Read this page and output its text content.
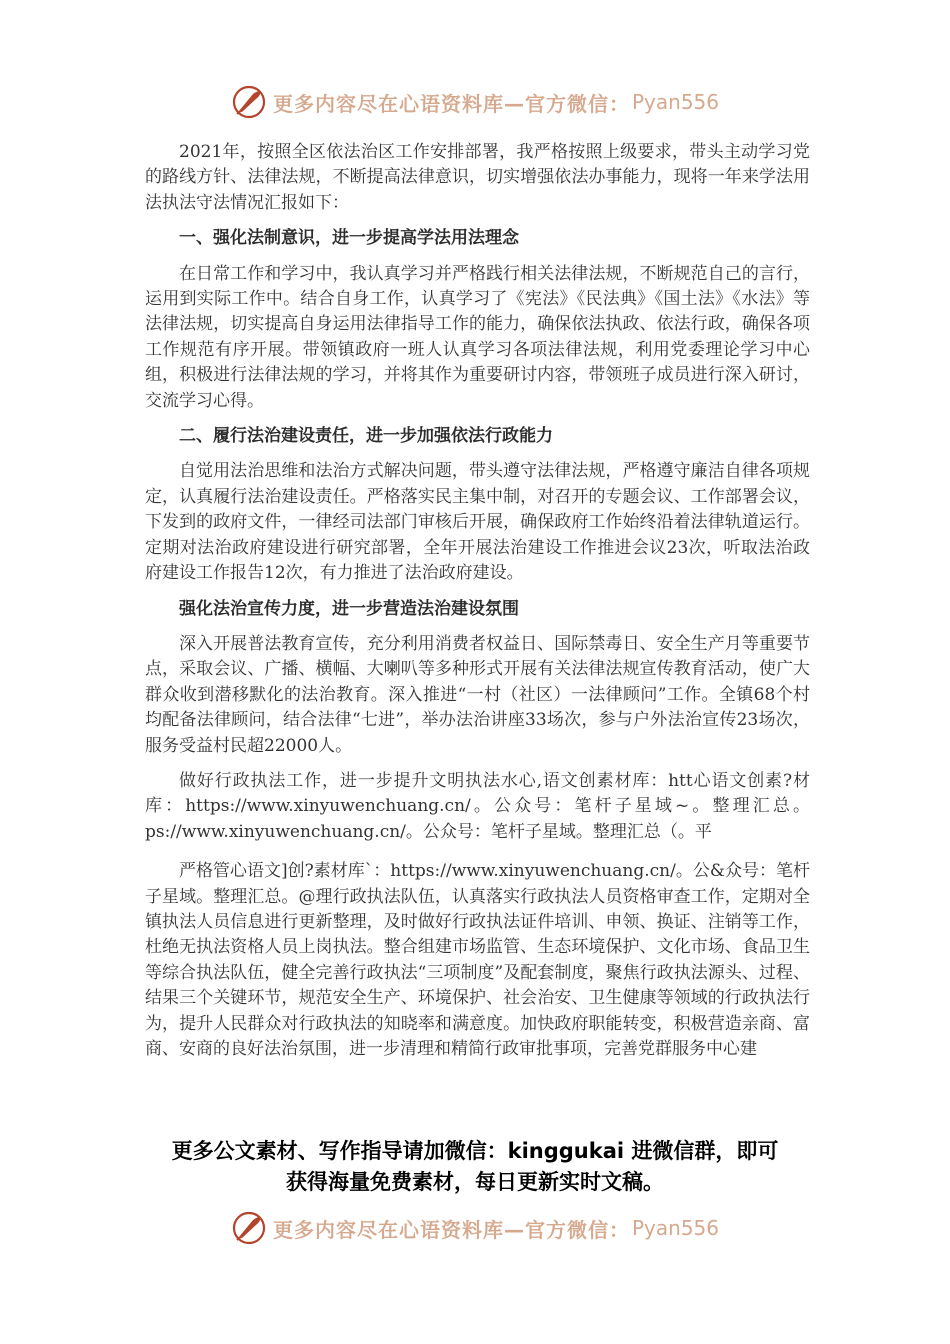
更多内容尽在心语资料库—官方微信： Pyan556

2021年，按照全区依法治区工作安排部署，我严格按照上级要求，带头主动学习党的路线方针、法律法规，不断提高法律意识，切实增强依法办事能力，现将一年来学法用法执法守法情况汇报如下：

一、强化法制意识，进一步提高学法用法理念

在日常工作和学习中，我认真学习并严格践行相关法律法规，不断规范自己的言行，运用到实际工作中。结合自身工作，认真学习了《宪法》《民法典》《国土法》《水法》等法律法规，切实提高自身运用法律指导工作的能力，确保依法执政、依法行政，确保各项工作规范有序开展。带领镇政府一班人认真学习各项法律法规，利用党委理论学习中心组，积极进行法律法规的学习，并将其作为重要研讨内容，带领班子成员进行深入研讨，交流学习心得。

二、履行法治建设责任，进一步加强依法行政能力

自觉用法治思维和法治方式解决问题，带头遵守法律法规，严格遵守廉洁自律各项规定，认真履行法治建设责任。严格落实民主集中制，对召开的专题会议、工作部署会议，下发到的政府文件，一律经司法部门审核后开展，确保政府工作始终沿着法律轨道运行。定期对法治政府建设进行研究部署，全年开展法治建设工作推进会议23次，听取法治政府建设工作报告12次，有力推进了法治政府建设。

强化法治宣传力度，进一步营造法治建设氛围

深入开展普法教育宣传，充分利用消费者权益日、国际禁毒日、安全生产月等重要节点，采取会议、广播、横幅、大喇叭等多种形式开展有关法律法规宣传教育活动，使广大群众收到潜移默化的法治教育。深入推进“一村（社区）一法律顾问”工作。全镇68个村均配备法律顾问，结合法律“七进”，举办法治讲座33场次，参与户外法治宣传23场次，服务受益村民超22000人。

做好行政执法工作，进一步提升文明执法水心,语文创素材库：htt心语文创素?材库：https://www.xinyuwenchuang.cn/。公众号：笔杆子星域~。整理汇总。ps://www.xinyuwenchuang.cn/。公众号：笔杆子星域。整理汇总（。平

严格管心语文]创?素材库`：https://www.xinyuwenchuang.cn/。公&众号：笔杆子星域。整理汇总。@理行政执法队伍，认真落实行政执法人员资格审查工作，定期对全镇执法人员信息进行更新整理，及时做好行政执法证件培训、申领、换证、注销等工作，杜绝无执法资格人员上岗执法。整合组建市场监管、生态环境保护、文化市场、食品卫生等综合执法队伍，健全完善行政执法“三项制度”及配套制度，聚焦行政执法源头、过程、结果三个关键环节，规范安全生产、环境保护、社会治安、卫生健康等领域的行政执法行为，提升人民群众对行政执法的知晓率和满意度。加快政府职能转变，积极营造亲商、富商、安商的良好法治氛围，进一步清理和精简行政审批事项，完善党群服务中心建

更多公文素材、写作指导请加微信：kinggukai 进微信群，即可
获得海量免费素材，每日更新实时文稿。
更多内容尽在心语资料库—官方微信： Pyan556
